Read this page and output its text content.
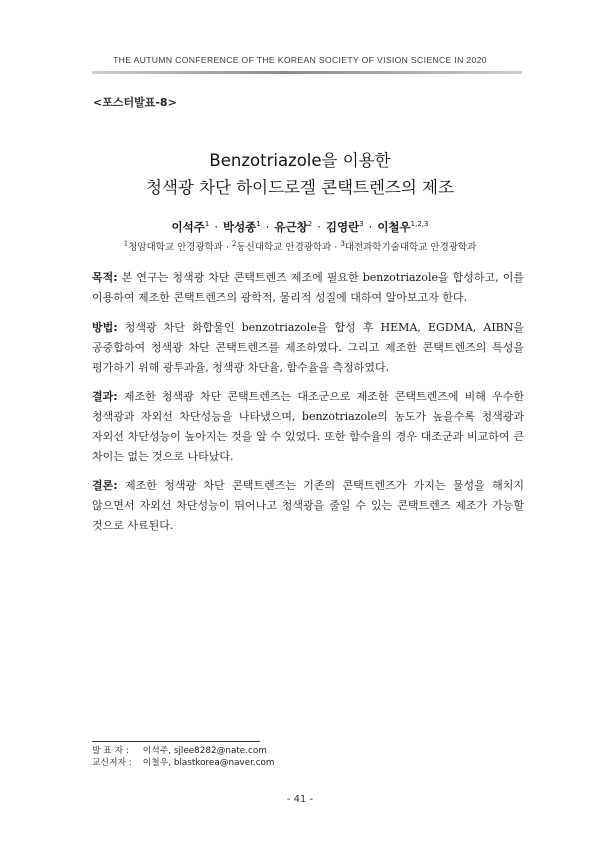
THE AUTUMN CONFERENCE OF THE KOREAN SOCIETY OF VISION SCIENCE IN 2020
<포스터발표-8>
Benzotriazole을 이용한
청색광 차단 하이드로겔 콘택트렌즈의 제조
이석주$^1$ · 박성종$^1$ · 유근창$^2$ · 김영란$^3$ · 이철우$^{1,2,3}$
$^1$청암대학교 안경광학과 · $^2$동신대학교 안경광학과 · $^3$대전과학기술대학교 안경광학과
목적: 본 연구는 청색광 차단 콘택트렌즈 제조에 필요한 benzotriazole을 합성하고, 이를 이용하여 제조한 콘택트렌즈의 광학적, 물리적 성질에 대하여 알아보고자 한다.
방법: 청색광 차단 화합물인 benzotriazole을 합성 후 HEMA, EGDMA, AIBN을 공중합하여 청색광 차단 콘택트렌즈를 제조하였다. 그리고 제조한 콘택트렌즈의 특성을 평가하기 위해 광투과율, 청색광 차단율, 함수율을 측정하였다.
결과: 제조한 청색광 차단 콘택트렌즈는 대조군으로 제조한 콘택트렌즈에 비해 우수한 청색광과 자외선 차단성능을 나타냈으며, benzotriazole의 농도가 높을수록 청색광과 자외선 차단성능이 높아지는 것을 알 수 있었다. 또한 함수율의 경우 대조군과 비교하여 큰 차이는 없는 것으로 나타났다.
결론: 제조한 청색광 차단 콘택트렌즈는 기존의 콘택트렌즈가 가지는 물성을 해치지 않으면서 자외선 차단성능이 뛰어나고 청색광을 줄일 수 있는 콘택트렌즈 제조가 가능할 것으로 사료된다.
발 표 자 : 이석주, sjlee8282@nate.com
교신저자 : 이철우, blastkorea@naver.com
- 41 -
